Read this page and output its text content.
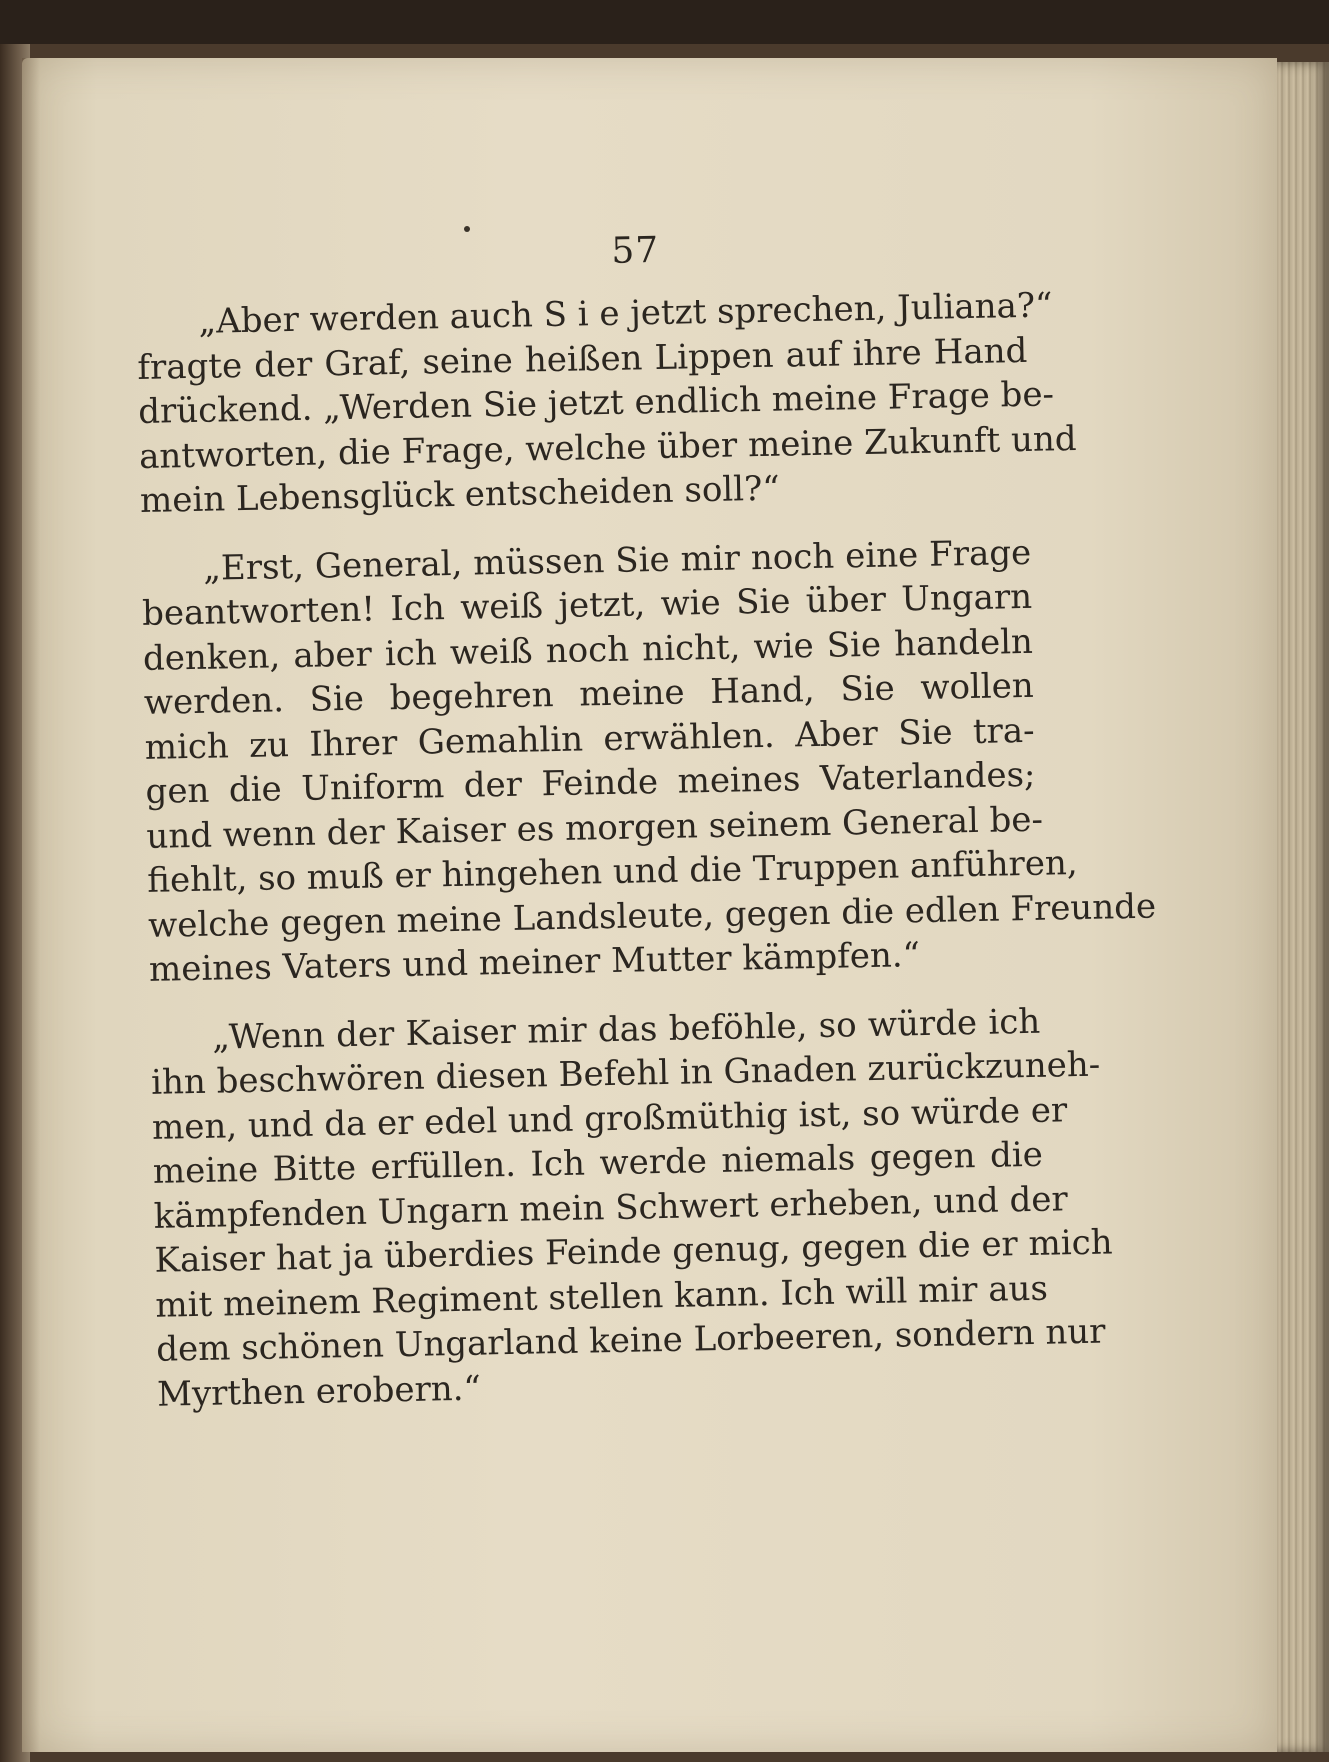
57
„Aber werden auch S i e jetzt sprechen, Juliana?“
fragte der Graf, seine heißen Lippen auf ihre Hand
drückend. „Werden Sie jetzt endlich meine Frage be-
antworten, die Frage, welche über meine Zukunft und
mein Lebensglück entscheiden soll?“
„Erst, General, müssen Sie mir noch eine Frage
beantworten! Ich weiß jetzt, wie Sie über Ungarn
denken, aber ich weiß noch nicht, wie Sie handeln
werden. Sie begehren meine Hand, Sie wollen
mich zu Ihrer Gemahlin erwählen. Aber Sie tra-
gen die Uniform der Feinde meines Vaterlandes;
und wenn der Kaiser es morgen seinem General be-
fiehlt, so muß er hingehen und die Truppen anführen,
welche gegen meine Landsleute, gegen die edlen Freunde
meines Vaters und meiner Mutter kämpfen.“
„Wenn der Kaiser mir das beföhle, so würde ich
ihn beschwören diesen Befehl in Gnaden zurückzuneh-
men, und da er edel und großmüthig ist, so würde er
meine Bitte erfüllen. Ich werde niemals gegen die
kämpfenden Ungarn mein Schwert erheben, und der
Kaiser hat ja überdies Feinde genug, gegen die er mich
mit meinem Regiment stellen kann. Ich will mir aus
dem schönen Ungarland keine Lorbeeren, sondern nur
Myrthen erobern.“
